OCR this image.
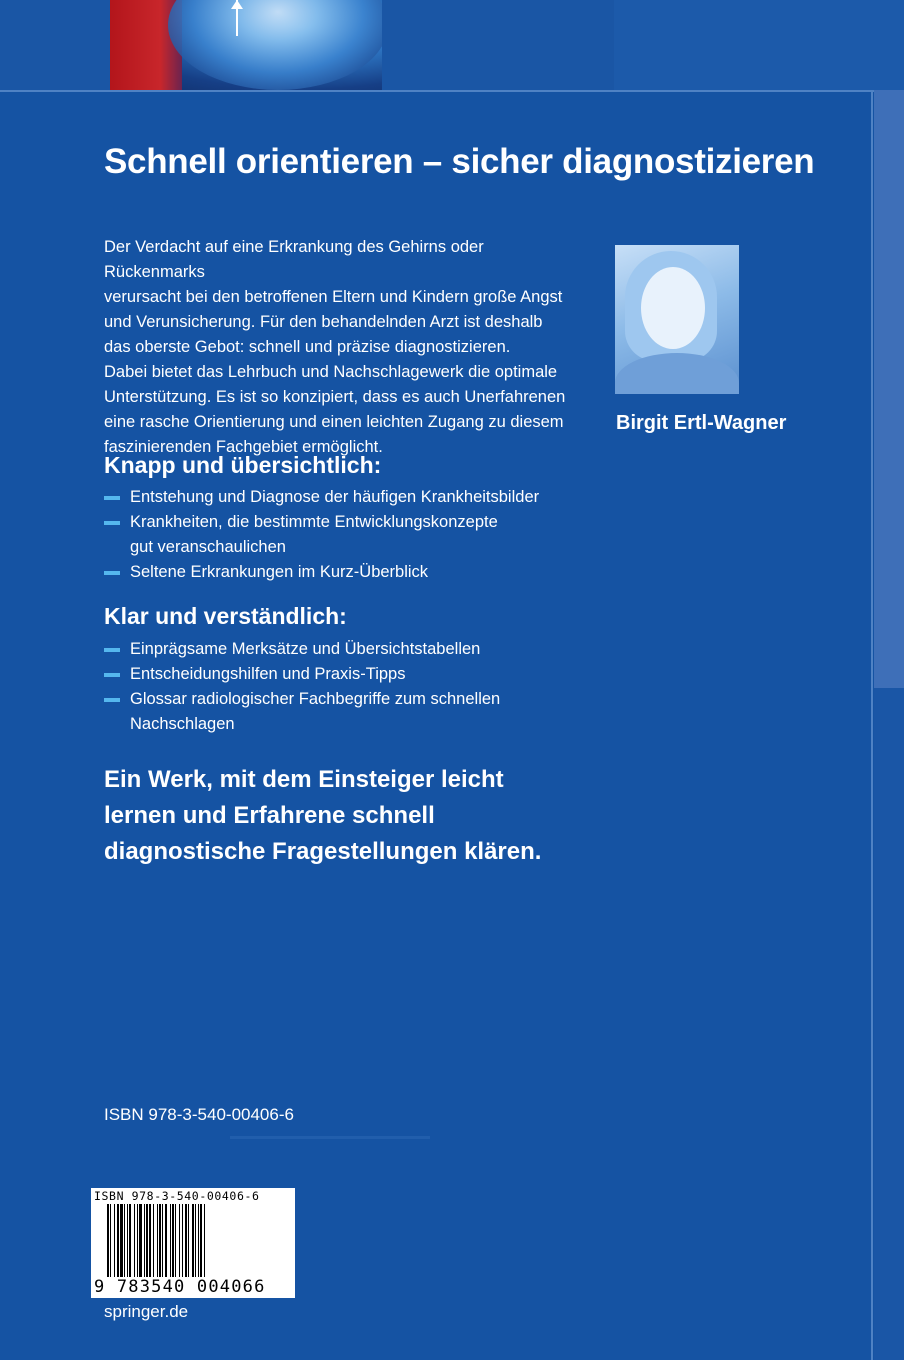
Schnell orientieren – sicher diagnostizieren

Der Verdacht auf eine Erkrankung des Gehirns oder Rückenmarks
verursacht bei den betroffenen Eltern und Kindern große Angst
und Verunsicherung. Für den behandelnden Arzt ist deshalb
das oberste Gebot: schnell und präzise diagnostizieren.
Dabei bietet das Lehrbuch und Nachschlagewerk die optimale
Unterstützung. Es ist so konzipiert, dass es auch Unerfahrenen
eine rasche Orientierung und einen leichten Zugang zu diesem
faszinierenden Fachgebiet ermöglicht.

Knapp und übersichtlich:
Entstehung und Diagnose der häufigen Krankheitsbilder
Krankheiten, die bestimmte Entwicklungskonzepte
gut veranschaulichen
Seltene Erkrankungen im Kurz-Überblick
Klar und verständlich:
Einprägsame Merksätze und Übersichtstabellen
Entscheidungshilfen und Praxis-Tipps
Glossar radiologischer Fachbegriffe zum schnellen
Nachschlagen

Ein Werk, mit dem Einsteiger leicht
lernen und Erfahrene schnell
diagnostische Fragestellungen klären.

Birgit Ertl-Wagner

ISBN 978-3-540-00406-6

ISBN 978-3-540-00406-6
9 783540 004066

springer.de
